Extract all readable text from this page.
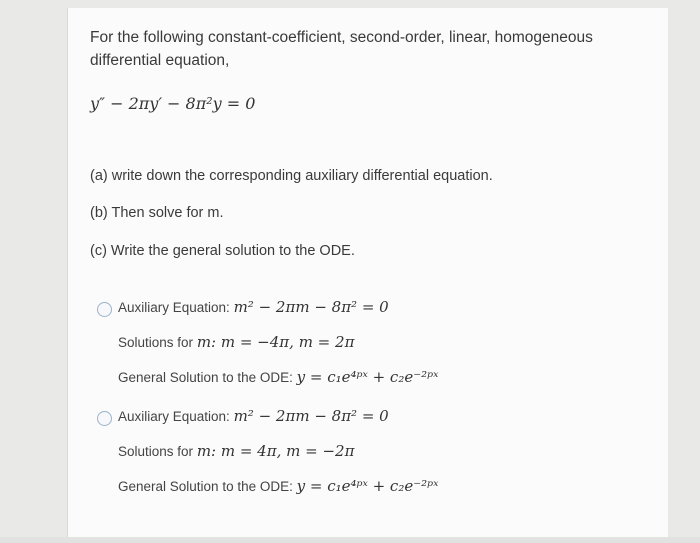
For the following constant-coefficient, second-order, linear, homogeneous differential equation,
y″ − 2πy′ − 8π²y = 0
(a) write down the corresponding auxiliary differential equation.
(b) Then solve for m.
(c) Write the general solution to the ODE.
Auxiliary Equation: m² − 2πm − 8π² = 0
Solutions for m: m = −4π, m = 2π
General Solution to the ODE: y = c₁e⁴ᵖˣ + c₂e⁻²ᵖˣ
Auxiliary Equation: m² − 2πm − 8π² = 0
Solutions for m: m = 4π, m = −2π
General Solution to the ODE: y = c₁e⁴ᵖˣ + c₂e⁻²ᵖˣ
